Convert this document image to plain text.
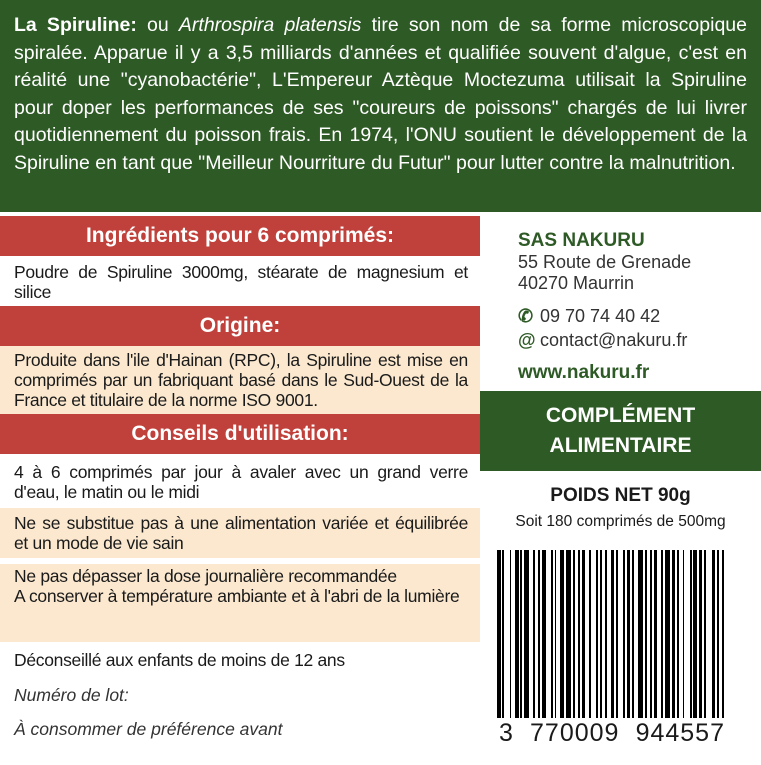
La Spiruline: ou Arthrospira platensis tire son nom de sa forme microscopique spiralée. Apparue il y a 3,5 milliards d'années et qualifiée souvent d'algue, c'est en réalité une "cyanobactérie", L'Empereur Aztèque Moctezuma utilisait la Spiruline pour doper les performances de ses "coureurs de poissons" chargés de lui livrer quotidiennement du poisson frais. En 1974, l'ONU soutient le développement de la Spiruline en tant que "Meilleur Nourriture du Futur" pour lutter contre la malnutrition.
Ingrédients pour 6 comprimés:
Poudre de Spiruline 3000mg, stéarate de magnesium et silice
Origine:
Produite dans l'ile d'Hainan (RPC), la Spiruline est mise en comprimés par un fabriquant basé dans le Sud-Ouest de la France et titulaire de la norme ISO 9001.
Conseils d'utilisation:
4 à 6 comprimés par jour à avaler avec un grand verre d'eau, le matin ou le midi
Ne se substitue pas à une alimentation variée et équilibrée et un mode de vie sain
Ne pas dépasser la dose journalière recommandée
A conserver à température ambiante et à l'abri de la lumière
Déconseillé aux enfants de moins de 12 ans
Numéro de lot:
À consommer de préférence avant
SAS NAKURU
55 Route de Grenade
40270 Maurrin
✆ 09 70 74 40 42
@ contact@nakuru.fr
www.nakuru.fr
COMPLÉMENT
ALIMENTAIRE
POIDS NET 90g
Soit 180 comprimés de 500mg
3 770009 944557
